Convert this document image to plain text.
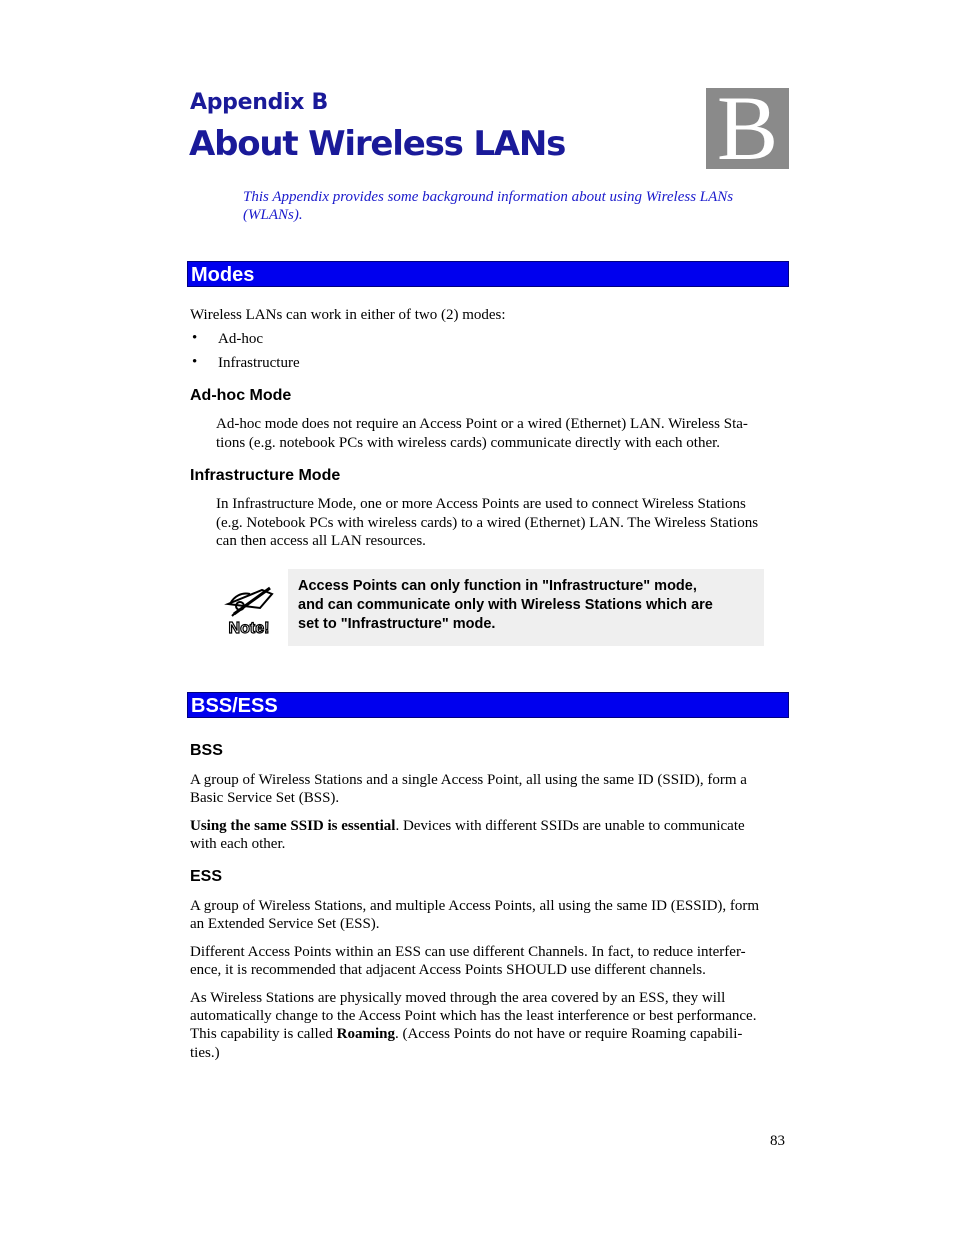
Appendix B
About Wireless LANs B
This Appendix provides some background information about using Wireless LANs (WLANs).
Modes
Wireless LANs can work in either of two (2) modes:
• Ad-hoc
• Infrastructure
Ad-hoc Mode
Ad-hoc mode does not require an Access Point or a wired (Ethernet) LAN. Wireless Sta-
tions (e.g. notebook PCs with wireless cards) communicate directly with each other.
Infrastructure Mode
In Infrastructure Mode, one or more Access Points are used to connect Wireless Stations
(e.g. Notebook PCs with wireless cards) to a wired (Ethernet) LAN. The Wireless Stations
can then access all LAN resources.
Note!
Access Points can only function in "Infrastructure" mode,
and can communicate only with Wireless Stations which are
set to "Infrastructure" mode.
BSS/ESS
BSS
A group of Wireless Stations and a single Access Point, all using the same ID (SSID), form a
Basic Service Set (BSS).
Using the same SSID is essential. Devices with different SSIDs are unable to communicate
with each other.
ESS
A group of Wireless Stations, and multiple Access Points, all using the same ID (ESSID), form
an Extended Service Set (ESS).
Different Access Points within an ESS can use different Channels. In fact, to reduce interfer-
ence, it is recommended that adjacent Access Points SHOULD use different channels.
As Wireless Stations are physically moved through the area covered by an ESS, they will
automatically change to the Access Point which has the least interference or best performance.
This capability is called Roaming. (Access Points do not have or require Roaming capabili-
ties.)
83
